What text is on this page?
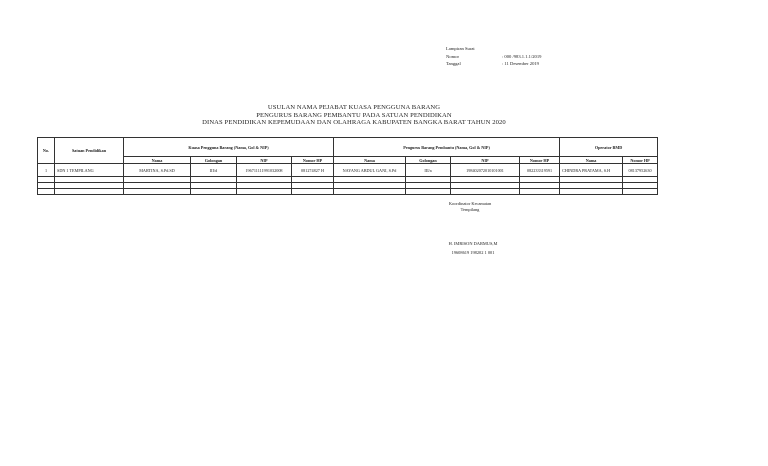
Lampiran Surat
Nomor	: 000 /983.1.1.1/2019
Tanggal	: 11 Desember 2019
USULAN NAMA PEJABAT KUASA PENGGUNA BARANG
PENGURUS BARANG PEMBANTU PADA SATUAN PENDIDIKAN
DINAS PENDIDIKAN KEPEMUDAAN DAN OLAHRAGA KABUPATEN BANGKA BARAT TAHUN 2020
No.	Satuan Pendidikan	Kuasa Pengguna Barang (Nama, Gol & NIP)				Pengurus Barang Pembantu (Nama, Gol & NIP)				Operator BMD	
		Nama	Golongan	NIP	Nomor HP	Nama	Golongan	NIP	Nomor HP	Nama	Nomor HP
1	SDN 1 TEMPILANG	MARTINA, S.Pd.SD	III/d	196711111991032008	081274827 H	NAYANG ABDUL GANI, S.Pd	III/a	198402072010101001	082233319591	CHINDRA PRATAMA, S.H	08137952630

Koordinator Kecamatan
Tempilang
H. IMRISON DARMUS,M
19608619 198202 1 001
